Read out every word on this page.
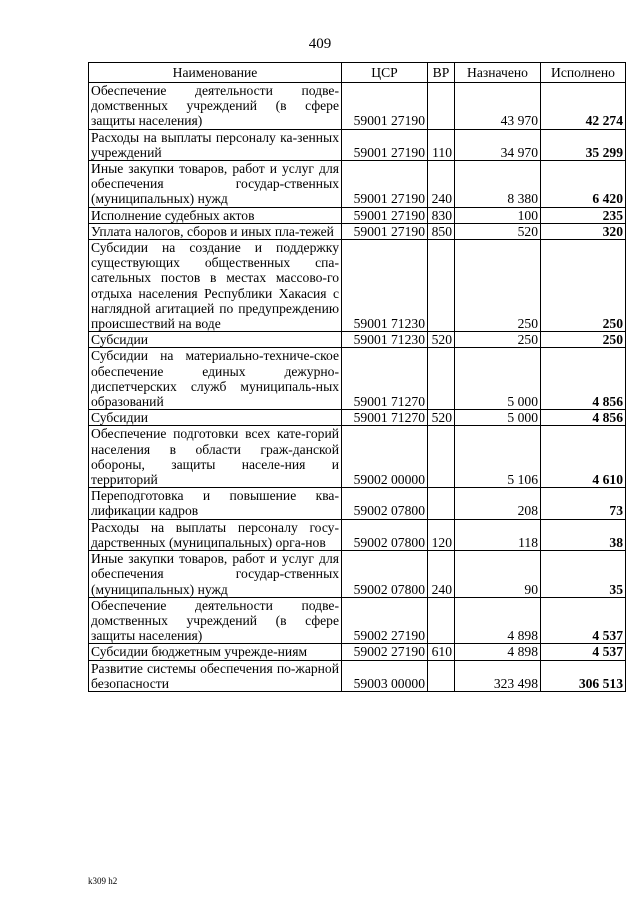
409
Наименование	ЦСР	ВР	Назначено	Исполнено
Обеспечение деятельности подве-домственных учреждений (в сфере защиты населения)	59001 27190		43 970	42 274
Расходы на выплаты персоналу ка-зенных учреждений	59001 27190	110	34 970	35 299
Иные закупки товаров, работ и услуг для обеспечения государ-ственных (муниципальных) нужд	59001 27190	240	8 380	6 420
Исполнение судебных актов	59001 27190	830	100	235
Уплата налогов, сборов и иных пла-тежей	59001 27190	850	520	320
Субсидии на создание и поддержку существующих общественных спа-сательных постов в местах массово-го отдыха населения Республики Хакасия с наглядной агитацией по предупреждению происшествий на воде	59001 71230		250	250
Субсидии	59001 71230	520	250	250
Субсидии на материально-техниче-ское обеспечение единых дежурно-диспетчерских служб муниципаль-ных образований	59001 71270		5 000	4 856
Субсидии	59001 71270	520	5 000	4 856
Обеспечение подготовки всех кате-горий населения в области граж-данской обороны, защиты населе-ния и территорий	59002 00000		5 106	4 610
Переподготовка и повышение ква-лификации кадров	59002 07800		208	73
Расходы на выплаты персоналу госу-дарственных (муниципальных) орга-нов	59002 07800	120	118	38
Иные закупки товаров, работ и услуг для обеспечения государ-ственных (муниципальных) нужд	59002 07800	240	90	35
Обеспечение деятельности подве-домственных учреждений (в сфере защиты населения)	59002 27190		4 898	4 537
Субсидии бюджетным учрежде-ниям	59002 27190	610	4 898	4 537
Развитие системы обеспечения по-жарной безопасности	59003 00000		323 498	306 513
k309 h2
